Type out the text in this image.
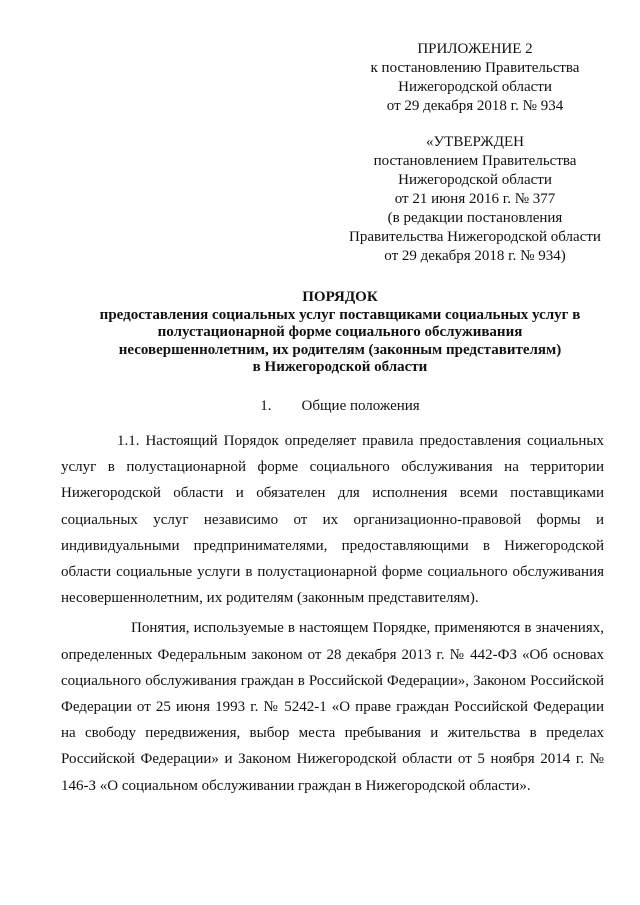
ПРИЛОЖЕНИЕ 2
к постановлению Правительства
Нижегородской области
от 29 декабря 2018 г. № 934
«УТВЕРЖДЕН
постановлением Правительства
Нижегородской области
от 21 июня 2016 г. № 377
(в редакции постановления
Правительства Нижегородской области
от 29 декабря 2018 г. № 934)
ПОРЯДОК
предоставления социальных услуг поставщиками социальных услуг в
полустационарной форме социального обслуживания
несовершеннолетним, их родителям (законным представителям)
в Нижегородской области
1. Общие положения

1.1. Настоящий Порядок определяет правила предоставления социальных услуг в полустационарной форме социального обслуживания на территории Нижегородской области и обязателен для исполнения всеми поставщиками социальных услуг независимо от их организационно-правовой формы и индивидуальными предпринимателями, предоставляющими в Нижегородской области социальные услуги в полустационарной форме социального обслуживания несовершеннолетним, их родителям (законным представителям).

Понятия, используемые в настоящем Порядке, применяются в значениях, определенных Федеральным законом от 28 декабря 2013 г. № 442-ФЗ «Об основах социального обслуживания граждан в Российской Федерации», Законом Российской Федерации от 25 июня 1993 г. № 5242-1 «О праве граждан Российской Федерации на свободу передвижения, выбор места пребывания и жительства в пределах Российской Федерации» и Законом Нижегородской области от 5 ноября 2014 г. № 146-З «О социальном обслуживании граждан в Нижегородской области».
